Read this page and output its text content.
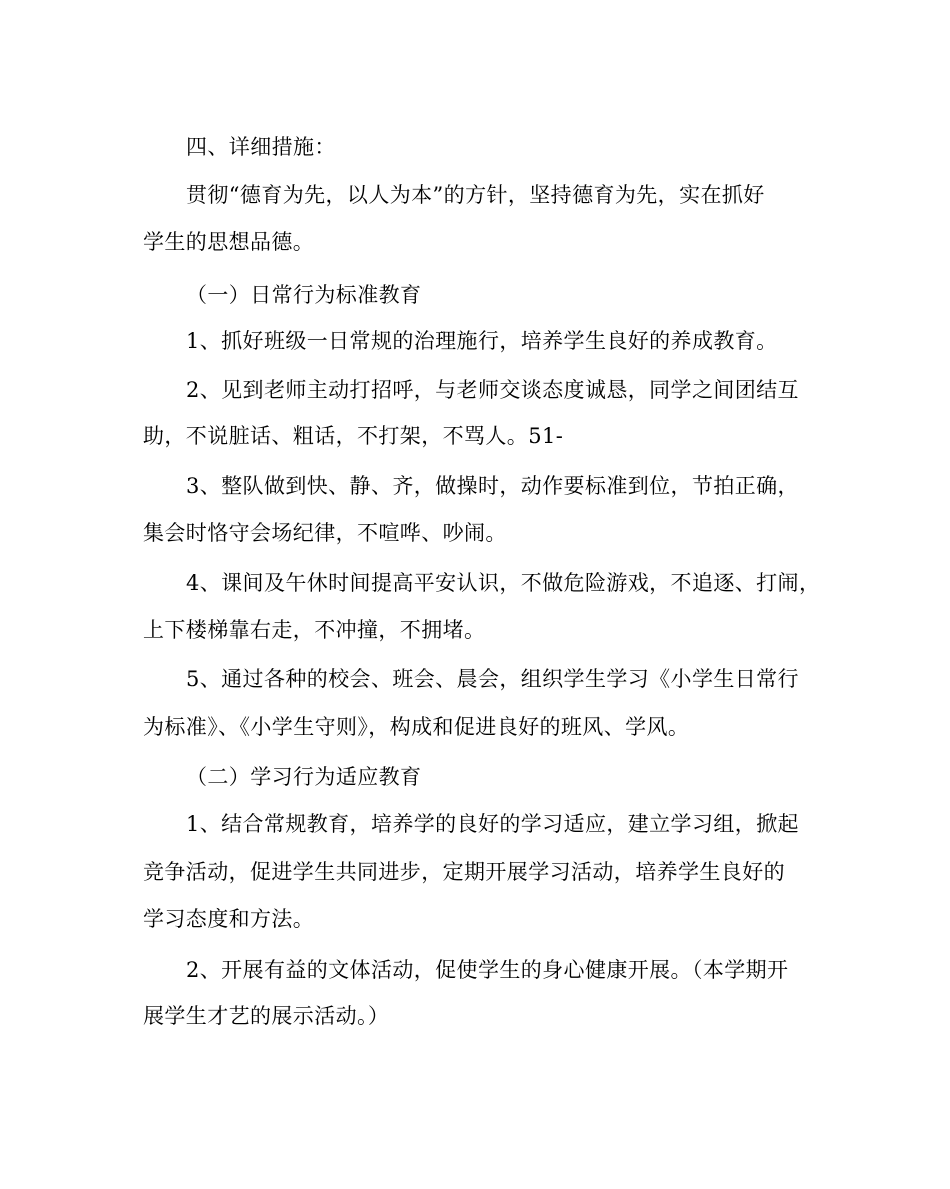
四、详细措施：
贯彻“德育为先，以人为本”的方针，坚持德育为先，实在抓好
学生的思想品德。
（一）日常行为标准教育
1、抓好班级一日常规的治理施行，培养学生良好的养成教育。
2、见到老师主动打招呼，与老师交谈态度诚恳，同学之间团结互
助，不说脏话、粗话，不打架，不骂人。51-
3、整队做到快、静、齐，做操时，动作要标准到位，节拍正确，
集会时恪守会场纪律，不喧哗、吵闹。
4、课间及午休时间提高平安认识，不做危险游戏，不追逐、打闹，
上下楼梯靠右走，不冲撞，不拥堵。
5、通过各种的校会、班会、晨会，组织学生学习《小学生日常行
为标准》、《小学生守则》，构成和促进良好的班风、学风。
（二）学习行为适应教育
1、结合常规教育，培养学的良好的学习适应，建立学习组，掀起
竞争活动，促进学生共同进步，定期开展学习活动，培养学生良好的
学习态度和方法。
2、开展有益的文体活动，促使学生的身心健康开展。（本学期开
展学生才艺的展示活动。）
